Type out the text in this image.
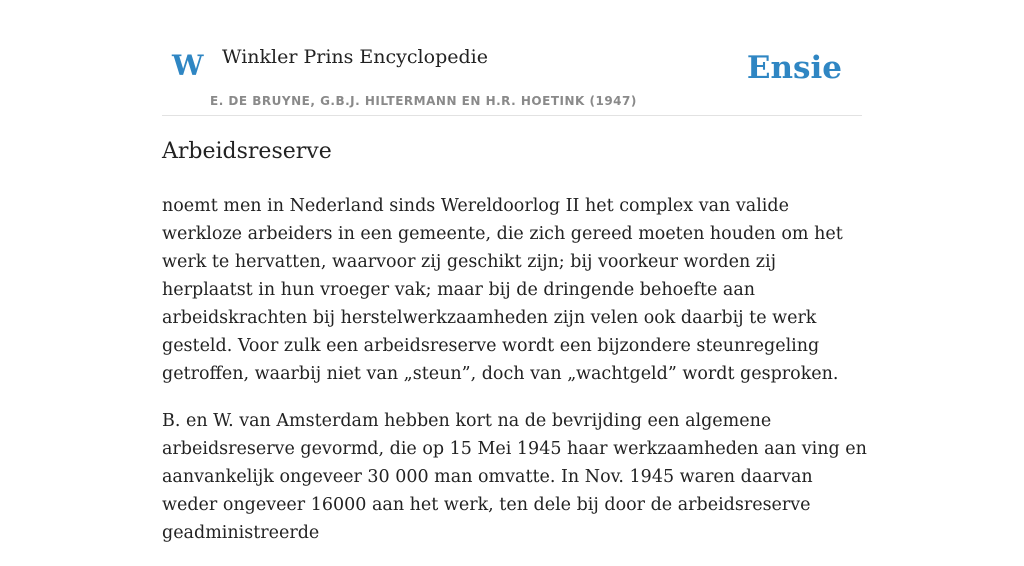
W Winkler Prins Encyclopedie
E. DE BRUYNE, G.B.J. HILTERMANN EN H.R. HOETINK (1947)
Ensie
Arbeidsreserve

noemt men in Nederland sinds Wereldoorlog II het complex van valide werkloze arbeiders in een gemeente, die zich gereed moeten houden om het werk te hervatten, waarvoor zij geschikt zijn; bij voorkeur worden zij herplaatst in hun vroeger vak; maar bij de dringende behoefte aan arbeidskrachten bij herstelwerkzaamheden zijn velen ook daarbij te werk gesteld. Voor zulk een arbeidsreserve wordt een bijzondere steunregeling getroffen, waarbij niet van „steun”, doch van „wachtgeld” wordt gesproken.

B. en W. van Amsterdam hebben kort na de bevrijding een algemene arbeidsreserve gevormd, die op 15 Mei 1945 haar werkzaamheden aan ving en aanvankelijk ongeveer 30 000 man omvatte. In Nov. 1945 waren daarvan weder ongeveer 16000 aan het werk, ten dele bij door de arbeidsreserve geadministreerde
